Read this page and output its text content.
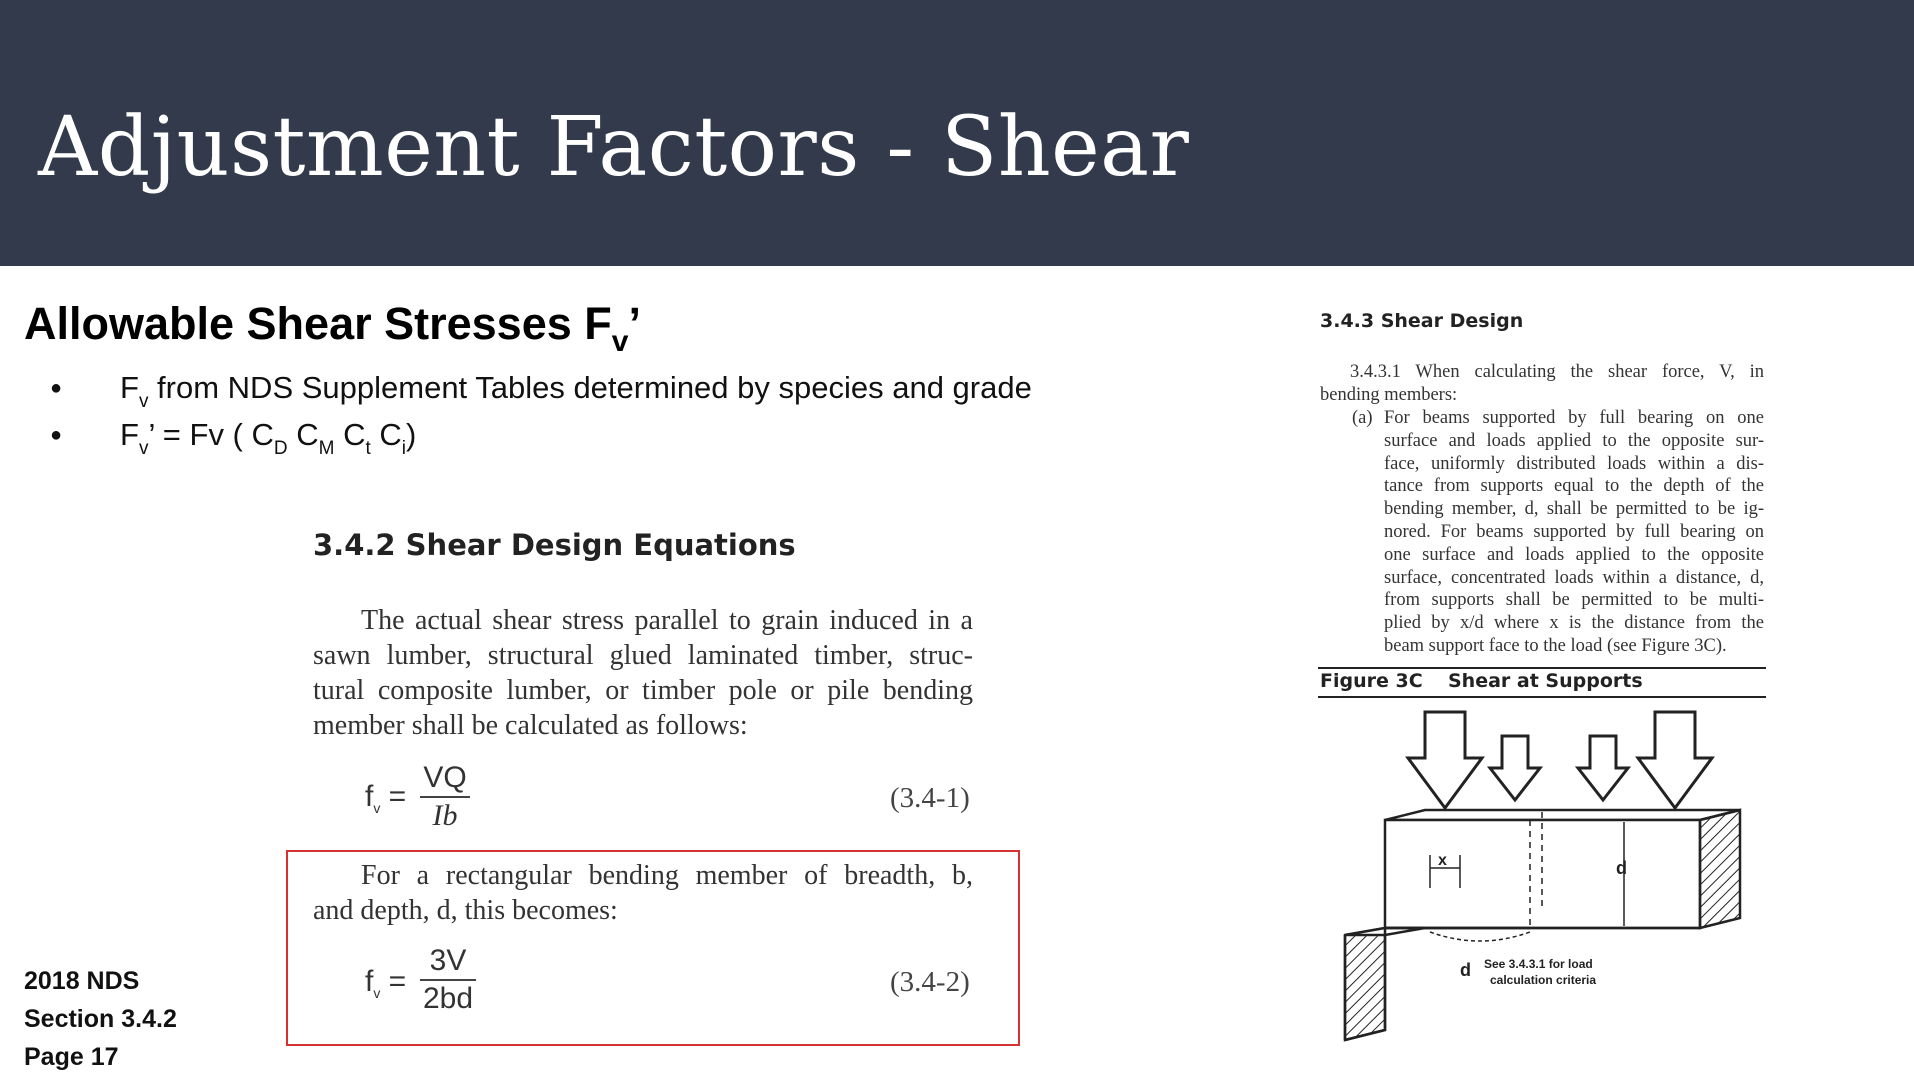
Adjustment Factors - Shear
Allowable Shear Stresses $F_v$’
● $F_v$ from NDS Supplement Tables determined by species and grade
● $F_v$’ = Fv ( $C_D$ $C_M$ $C_t$ $C_i$)
3.4.2 Shear Design Equations
The actual shear stress parallel to grain induced in a
sawn lumber, structural glued laminated timber, struc-
tural composite lumber, or timber pole or pile bending
member shall be calculated as follows:
$f_v$ =
VQ
Ib
(3.4-1)
For a rectangular bending member of breadth, b,
and depth, d, this becomes:
$f_v$ =
3V
2bd	(3.4-2)
2018 NDS
Section 3.4.2
Page 17
3.4.3 Shear Design
3.4.3.1 When calculating the shear force, V, in
bending members:
(a) For beams supported by full bearing on one
surface and loads applied to the opposite sur-
face, uniformly distributed loads within a dis-
tance from supports equal to the depth of the
bending member, d, shall be permitted to be ig-
nored. For beams supported by full bearing on
one surface and loads applied to the opposite
surface, concentrated loads within a distance, d,
from supports shall be permitted to be multi-
plied by x/d where x is the distance from the
beam support face to the load (see Figure 3C).
Figure 3C Shear at Supports
x	d
d See 3.4.3.1 for load
calculation criteria
